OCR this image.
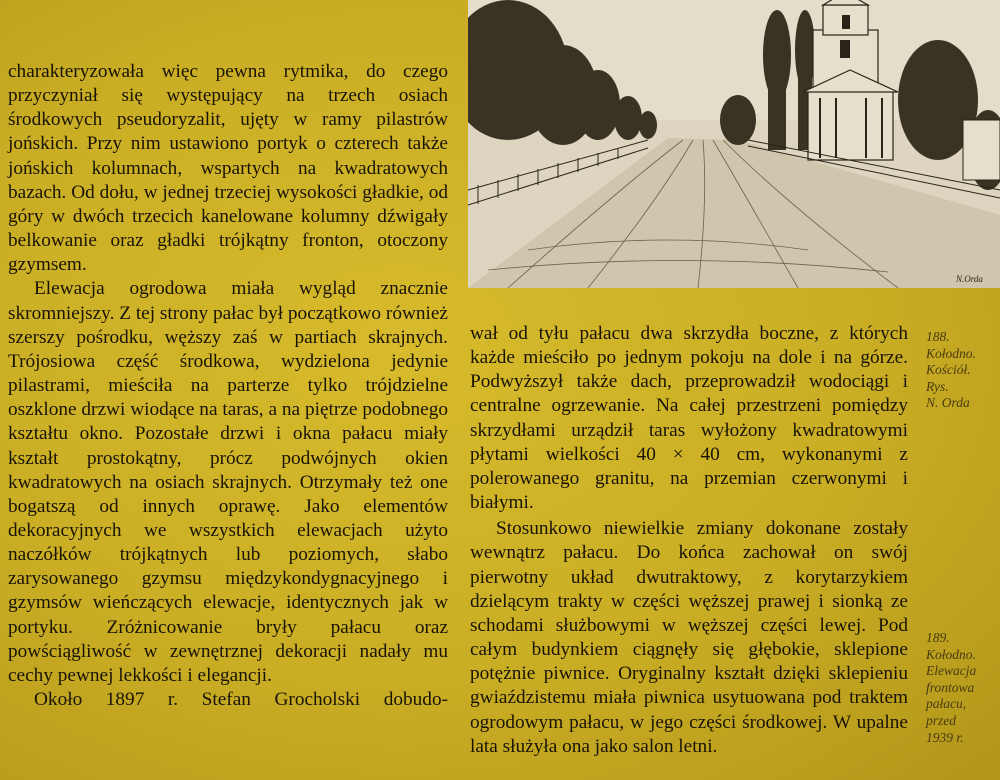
charakteryzowała więc pewna rytmika, do czego przyczyniał się występujący na trzech osiach środkowych pseudoryzalit, ujęty w ramy pilastrów jońskich. Przy nim ustawiono portyk o czterech także jońskich kolumnach, wspartych na kwadratowych bazach. Od dołu, w jednej trzeciej wysokości gładkie, od góry w dwóch trzecich kanelowane kolumny dźwigały belkowanie oraz gładki trójkątny fronton, otoczony gzymsem.

Elewacja ogrodowa miała wygląd znacznie skromniejszy. Z tej strony pałac był początkowo również szerszy pośrodku, węższy zaś w partiach skrajnych. Trójosiowa część środkowa, wydzielona jedynie pilastrami, mieściła na parterze tylko trójdzielne oszklone drzwi wiodące na taras, a na piętrze podobnego kształtu okno. Pozostałe drzwi i okna pałacu miały kształt prostokątny, prócz podwójnych okien kwadratowych na osiach skrajnych. Otrzymały też one bogatszą od innych oprawę. Jako elementów dekoracyjnych we wszystkich elewacjach użyto naczółków trójkątnych lub poziomych, słabo zarysowanego gzymsu międzykondygnacyjnego i gzymsów wieńczących elewacje, identycznych jak w portyku. Zróżnicowanie bryły pałacu oraz powściągliwość w zewnętrznej dekoracji nadały mu cechy pewnej lekkości i elegancji.

Około 1897 r. Stefan Grocholski dobudo-

N.Orda

wał od tyłu pałacu dwa skrzydła boczne, z których każde mieściło po jednym pokoju na dole i na górze. Podwyższył także dach, przeprowadził wodociągi i centralne ogrzewanie. Na całej przestrzeni pomiędzy skrzydłami urządził taras wyłożony kwadratowymi płytami wielkości 40 × 40 cm, wykonanymi z polerowanego granitu, na przemian czerwonymi i białymi.

Stosunkowo niewielkie zmiany dokonane zostały wewnątrz pałacu. Do końca zachował on swój pierwotny układ dwutraktowy, z korytarzykiem dzielącym trakty w części węższej prawej i sionką ze schodami służbowymi w węższej części lewej. Pod całym budynkiem ciągnęły się głębokie, sklepione potężnie piwnice. Oryginalny kształt dzięki sklepieniu gwiaździstemu miała piwnica usytuowana pod traktem ogrodowym pałacu, w jego części środkowej. W upalne lata służyła ona jako salon letni.

188.
Kołodno.
Kościół.
Rys.
N. Orda
189.
Kołodno.
Elewacja
frontowa
pałacu,
przed
1939 r.
